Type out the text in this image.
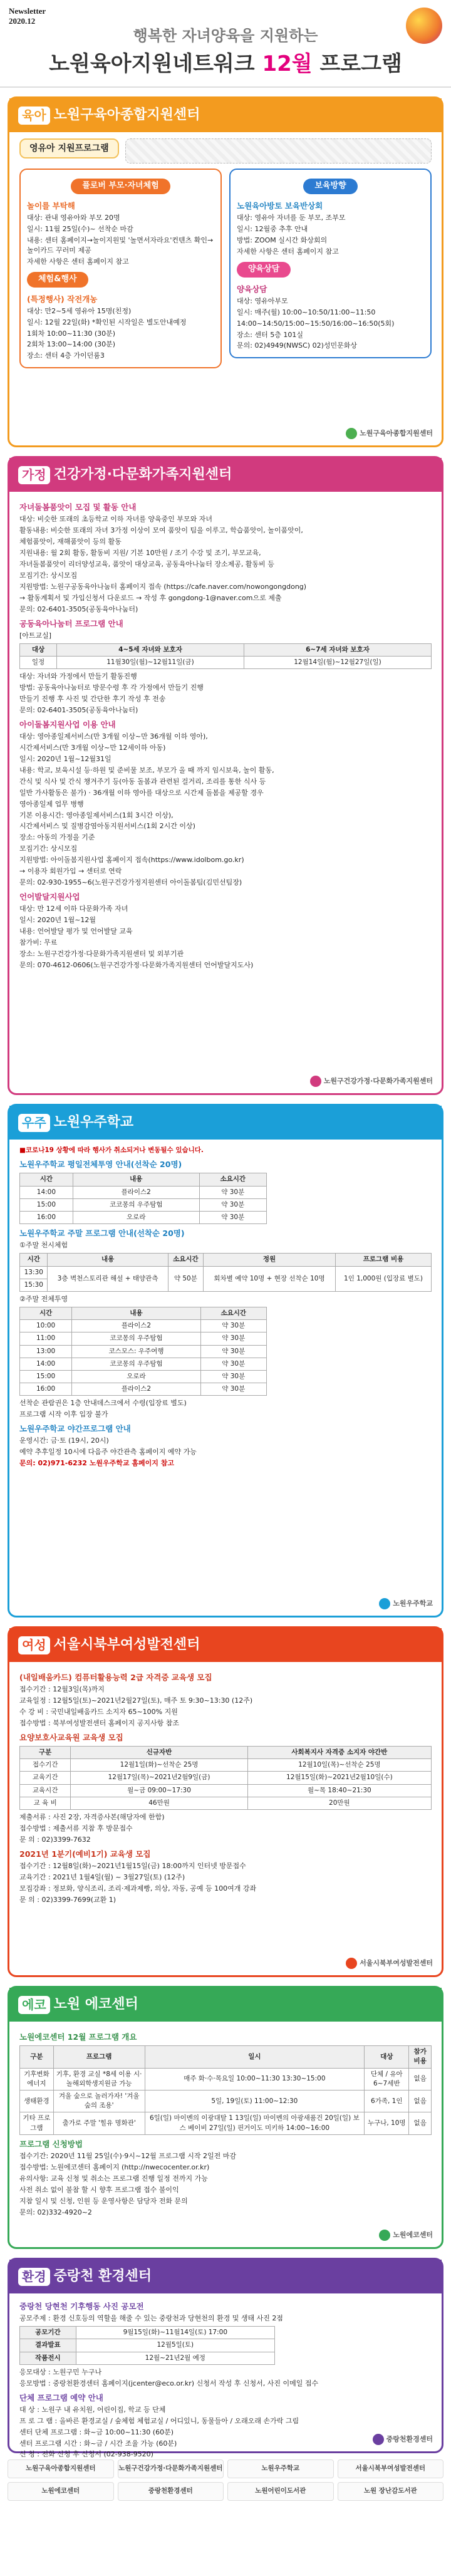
Newsletter
2020.12
행복한 자녀양육을 지원하는
노원육아지원네트워크 12월 프로그램
육아 노원구육아종합지원센터
영유아 지원프로그램
플로버 부모·자녀체험
놀이를 부탁해
대상: 관내 영유아와 부모 20명
일시: 11월 25일(수)~ 선착순 마감
내용: 센터 홈페이지→놀이지원및 '놀면서자라요'컨텐츠 확인→놀이카드 꾸러미 제공
자세한 사항은 센터 홈페이지 참고
체험&행사
(특정행사) 작전개농
대상: 만2~5세 영유아 15명(친정)
일시: 12월 22일(화) *확인된 시작일은 별도안내예정
1회차 10:00~11:30 (30분)
2회차 13:00~14:00 (30분)
장소: 센터 4층 가이던룸3
보육방향
노원육아방토 보육반상회
대상: 영유아 자녀를 둔 부모, 조부모
일시: 12월중 추후 안내
방법: ZOOM 실시간 화상회의
자세한 사항은 센터 홈페이지 참고
양육상담
양육상담
대상: 영유아부모
일시: 매주(월) 10:00~10:50/11:00~11:50
14:00~14:50/15:00~15:50/16:00~16:50(5회)
장소: 센터 5층 101실
문의: 02)4949(NWSC) 02)성민문화상
노원구육아종합지원센터
가정 건강가정·다문화가족지원센터
자녀돌봄품앗이 모집 및 활동 안내
대상: 비슷한 또래의 초등학교 이하 자녀를 양육중인 부모와 자녀
활동내용: 비슷한 또래의 자녀 3가정 이상이 모여 품앗이 팀을 이루고, 학습품앗이, 놀이품앗이,
체험품앗이, 재해품앗이 등의 활동
지원내용: 월 2회 활동, 활동비 지원/ 기본 10만원 / 조기 수강 및 조기, 부모교육,
자녀돌봄품앗이 리더양성교육, 품앗이 대상교육, 공동육아나눔터 장소제공, 활동비 등
모집기간: 상시모집
지원방법: 노원구공동육아나눔터 홈페이지 접속 (https://cafe.naver.com/nowongongdong)
→ 활동계획서 및 가입신청서 다운로드 → 작성 후 gongdong-1@naver.com으로 제출
문의: 02-6401-3505(공동육아나눔터)
공동육아나눔터 프로그램 안내
[아트교실]
대상	4~5세 자녀와 보호자	6~7세 자녀와 보호자
일정	11월30일(월)~12월11일(금)	12월14일(월)~12월27일(일)
대상: 자녀와 가정에서 만들기 활동진행
방법: 공동육아나눔터로 방문수령 후 각 가정에서 만들기 진행
만들기 진행 후 사진 및 간단한 후기 작성 후 전송
문의: 02-6401-3505(공동육아나눔터)
아이돌봄지원사업 이용 안내
대상: 영아종일제서비스(만 3개월 이상~만 36개월 이하 영아),
시간제서비스(만 3개월 이상~만 12세이하 아동)
일시: 2020년 1월~12월31일
내용: 학교, 보육시설 등·하원 및 준비물 보조, 부모가 올 때 까지 임시보육, 놀이 활동,
간식 및 식사 및 간식 챙겨주기 등(아동 돌봄과 관련된 걸거리, 조리를 통한 식사 등
일반 가사활동은 불가) · 36개월 이하 영아를 대상으로 시간제 돌봄을 제공할 경우
영아종일제 업무 병행
기본 이용시간: 영아종일제서비스(1회 3시간 이상),
시간제서비스 및 질병감염아동지원서비스(1회 2시간 이상)
장소: 아동의 가정을 기준
모집기간: 상시모집
지원방법: 아이돌봄지원사업 홈페이지 접속(https://www.idolbom.go.kr)
→ 이용자 회원가입 → 센터로 연락
문의: 02-930-1955~6(노원구건강가정지원센터 아이돌봄팀(김민선팀장)
언어발달지원사업
대상: 만 12세 이하 다문화가족 자녀
일시: 2020년 1월~12월
내용: 언어발달 평가 및 언어발달 교육
참가비: 무료
장소: 노원구건강가정·다문화가족지원센터 및 외부기관
문의: 070-4612-0606(노원구건강가정·다문화가족지원센터 언어발달지도사)
노원구건강가정·다문화가족지원센터
우주 노원우주학교
■코로나19 상황에 따라 행사가 취소되거나 변동될수 있습니다.
노원우주학교 평일전체투영 안내(선착순 20명)
시간	내용	소요시간
14:00	플라이스2	약 30분
15:00	코코몽의 우주탐험	약 30분
16:00	오로라	약 30분
노원우주학교 주말 프로그램 안내(선착순 20명)
①주말 천시체험
시간	내용	소요시간	정원	프로그램 비용
13:30	3층 벽천스토리관 해설 + 태양관측	약 50분	회차별 예약 10명 + 현장 선착순 10명	1인 1,000원 (입장료 별도)
15:30				
②주말 전체투영
시간	내용	소요시간
10:00	플라이스2	약 30분
11:00	코코몽의 우주탐험	약 30분
13:00	코스모스: 우주여행	약 30분
14:00	코코몽의 우주탐험	약 30분
15:00	오로라	약 30분
16:00	플라이스2	약 30분
선착순 관람권은 1층 안내데스크에서 수령(입장료 별도)
프로그램 시작 이후 입장 불가
노원우주학교 야간프로그램 안내
운영시간: 금·토 (19시, 20시)
예약 추후일정 10시에 다음주 야간관측 홈페이지 예약 가능
문의: 02)971-6232 노원우주학교 홈페이지 참고
노원우주학교
여성 서울시북부여성발전센터
(내일배움카드) 컴퓨터활용능력 2급 자격증 교육생 모집
접수기간 : 12월3일(목)까지
교육일정 : 12월5일(토)~2021년2월27일(토), 매주 토 9:30~13:30 (12주)
수 강 비 : 국민내일배움카드 소지자 65~100% 지원
접수방법 : 북부여성발전센터 홈페이지 공지사항 참조
요양보호사교육원 교육생 모집
구분	신규자반	사회복지사 자격증 소지자 야간반
접수기간	12월1일(화)~선착순 25명	12월10일(목)~선착순 25명
교육기간	12월17일(목)~2021년2월9일(금)	12월15일(화)~2021년2월10일(수)
교육시간	월~금 09:00~17:30	월~목 18:40~21:30
교 육 비	46만원	20만원
제출서류 : 사진 2장, 자격증사본(해당자에 한함)
접수방법 : 제출서류 지참 후 방문접수
문 의 : 02)3399-7632
2021년 1분기(예비1기) 교육생 모집
접수기간 : 12월8일(화)~2021년1월15일(금) 18:00까지 인터넷 방문접수
교육기간 : 2021년 1월4일(월) ~ 3월27일(토) (12주)
모집강좌 : 정보화, 양식조리, 조리·제과제빵, 의상, 자동, 공예 등 100여개 강좌
문 의 : 02)3399-7699(교환 1)
서울시북부여성발전센터
에코 노원 에코센터
노원에코센터 12월 프로그램 개요
구분	프로그램	일시	대상	참가비용
기후변화 에너지	기후, 환경 교실 *8세 이용 시·놀해외학생지원금 가능	매주 화·수·목요일 10:00~11:30 13:30~15:00	단체 / 유아 6~7세반	없음
생태환경	겨울 숲으로 놀러가자! '겨울 숲의 조용'	5일, 19일(토) 11:00~12:30	6가족, 1인	없음
기타 프로그램	출가로 주말 '힐유 명화관'	6일(일) 마이멘의 이광대탈 1 13일(일) 마이멘의 아광새품건 20일(일) 보스 베이비 27일(일) 핀거이도 미키하 14:00~16:00	누구나, 10명	없음
프로그램 신청방법
접수기간: 2020년 11월 25일(수)·9시~12월 프로그램 시작 2일전 마감
접수방법: 노원에코센터 홈페이지 (http://nwecocenter.or.kr)
유의사항: 교육 신청 및 취소는 프로그램 진행 일정 전까지 가능
사전 취소 없이 불참 할 시 향후 프로그램 접수 불이익
지참 일시 및 신청, 인원 등 운영사항은 담당자 전화 문의
문의: 02)332-4920~2
노원에코센터
환경 중랑천 환경센터
중랑천 당현천 기후행동 사진 공모전
공모주제 : 환경 신호등의 역할을 해줄 수 있는 중랑천과 당현천의 환경 및 생태 사진 2점
공모기간	9월15일(화)~11월14일(토) 17:00
결과발표	12월5일(토)
작품전시	12월~21년2월 예정
응모대상 : 노원구민 누구나
응모방법 : 중랑천환경센터 홈페이지(jcenter@eco.or.kr) 신청서 작성 후 신청서, 사진 이메일 접수
단체 프로그램 예약 안내
대 상 : 노원구 내 유치원, 어린이집, 학교 등 단체
프 로 그 램 : 올바른 환경교실 / 숲체험 체험교실 / 어디있니, 동물들아 / 오래오래 손가락 그림
센터 단체 프로그램 : 화~금 10:00~11:30 (60분)
센터 프로그램 시간 : 화~금 / 시간 조율 가능 (60분)
신 청 : 전화 신청 후 신청서 (02-938-9520)
중랑천환경센터
노원구육아종합지원센터	노원구건강가정·다문화가족지원센터	노원우주학교	서울시북부여성발전센터
노원에코센터	중랑천환경센터	노원어린이도서관	노원 장난감도서관
